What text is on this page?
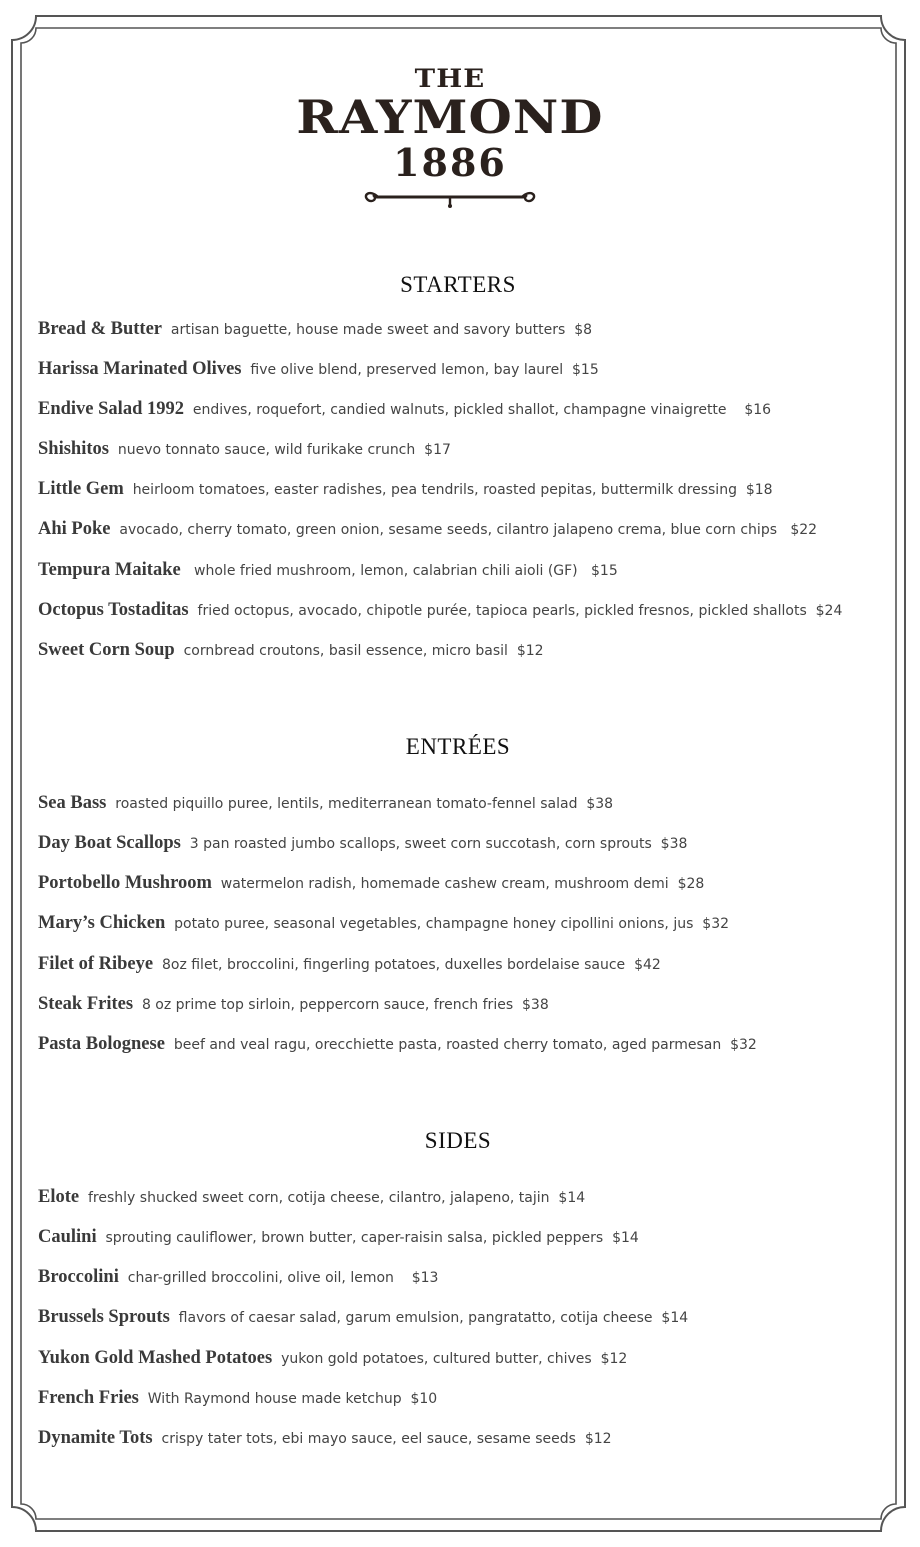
THE
RAYMOND
1886
STARTERS
Bread & Butter artisan baguette, house made sweet and savory butters $8
Harissa Marinated Olives five olive blend, preserved lemon, bay laurel $15
Endive Salad 1992 endives, roquefort, candied walnuts, pickled shallot, champagne vinaigrette $16
Shishitos nuevo tonnato sauce, wild furikake crunch $17
Little Gem heirloom tomatoes, easter radishes, pea tendrils, roasted pepitas, buttermilk dressing $18
Ahi Poke avocado, cherry tomato, green onion, sesame seeds, cilantro jalapeno crema, blue corn chips $22
Tempura Maitake whole fried mushroom, lemon, calabrian chili aioli (GF) $15
Octopus Tostaditas fried octopus, avocado, chipotle purée, tapioca pearls, pickled fresnos, pickled shallots $24
Sweet Corn Soup cornbread croutons, basil essence, micro basil $12
ENTRÉES
Sea Bass roasted piquillo puree, lentils, mediterranean tomato-fennel salad $38
Day Boat Scallops 3 pan roasted jumbo scallops, sweet corn succotash, corn sprouts $38
Portobello Mushroom watermelon radish, homemade cashew cream, mushroom demi $28
Mary’s Chicken potato puree, seasonal vegetables, champagne honey cipollini onions, jus $32
Filet of Ribeye 8oz filet, broccolini, fingerling potatoes, duxelles bordelaise sauce $42
Steak Frites 8 oz prime top sirloin, peppercorn sauce, french fries $38
Pasta Bolognese beef and veal ragu, orecchiette pasta, roasted cherry tomato, aged parmesan $32
SIDES
Elote freshly shucked sweet corn, cotija cheese, cilantro, jalapeno, tajin $14
Caulini sprouting cauliflower, brown butter, caper-raisin salsa, pickled peppers $14
Broccolini char-grilled broccolini, olive oil, lemon $13
Brussels Sprouts flavors of caesar salad, garum emulsion, pangratatto, cotija cheese $14
Yukon Gold Mashed Potatoes yukon gold potatoes, cultured butter, chives $12
French Fries With Raymond house made ketchup $10
Dynamite Tots crispy tater tots, ebi mayo sauce, eel sauce, sesame seeds $12
